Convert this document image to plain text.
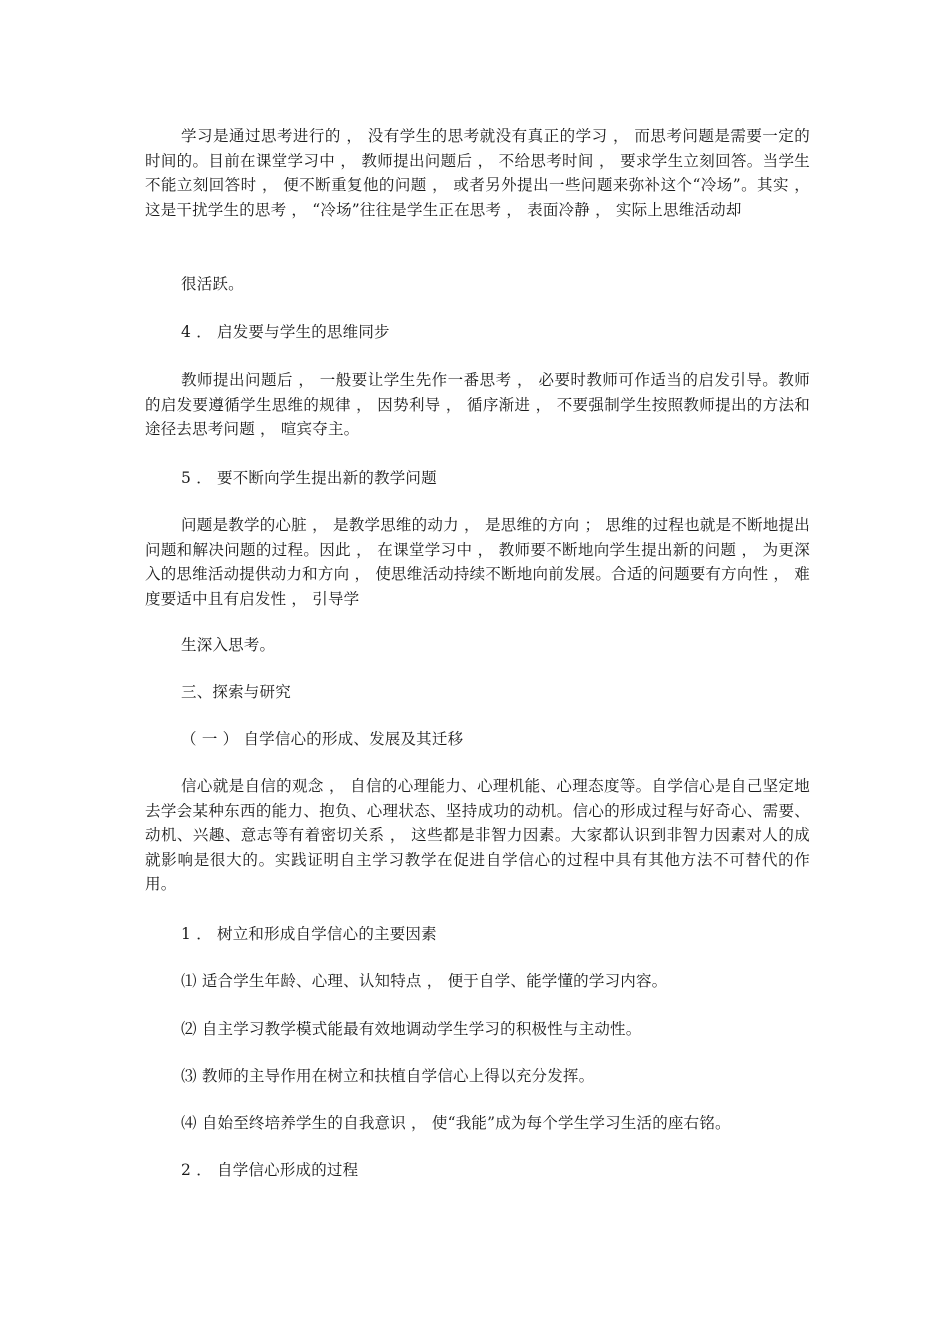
学习是通过思考进行的 ， 没有学生的思考就没有真正的学习 ， 而思考问题是需要一定的时间的。目前在课堂学习中 ， 教师提出问题后 ， 不给思考时间 ， 要求学生立刻回答。当学生不能立刻回答时 ， 便不断重复他的问题 ， 或者另外提出一些问题来弥补这个“冷场”。其实 ， 这是干扰学生的思考 ， “冷场”往往是学生正在思考 ， 表面冷静 ， 实际上思维活动却

很活跃。

4 ． 启发要与学生的思维同步

教师提出问题后 ， 一般要让学生先作一番思考 ， 必要时教师可作适当的启发引导。教师的启发要遵循学生思维的规律 ， 因势利导 ， 循序渐进 ， 不要强制学生按照教师提出的方法和途径去思考问题 ， 喧宾夺主。

5 ． 要不断向学生提出新的教学问题

问题是教学的心脏 ， 是教学思维的动力 ， 是思维的方向 ； 思维的过程也就是不断地提出问题和解决问题的过程。因此 ， 在课堂学习中 ， 教师要不断地向学生提出新的问题 ， 为更深入的思维活动提供动力和方向 ， 使思维活动持续不断地向前发展。合适的问题要有方向性 ， 难度要适中且有启发性 ， 引导学

生深入思考。

三、探索与研究

（ 一 ） 自学信心的形成、发展及其迁移

信心就是自信的观念 ， 自信的心理能力、心理机能、心理态度等。自学信心是自己坚定地去学会某种东西的能力、抱负、心理状态、坚持成功的动机。信心的形成过程与好奇心、需要、动机、兴趣、意志等有着密切关系 ， 这些都是非智力因素。大家都认识到非智力因素对人的成就影响是很大的。实践证明自主学习教学在促进自学信心的过程中具有其他方法不可替代的作用。

1 ． 树立和形成自学信心的主要因素

⑴ 适合学生年龄、心理、认知特点 ， 便于自学、能学懂的学习内容。

⑵ 自主学习教学模式能最有效地调动学生学习的积极性与主动性。

⑶ 教师的主导作用在树立和扶植自学信心上得以充分发挥。

⑷ 自始至终培养学生的自我意识 ， 使“我能”成为每个学生学习生活的座右铭。

2 ． 自学信心形成的过程
